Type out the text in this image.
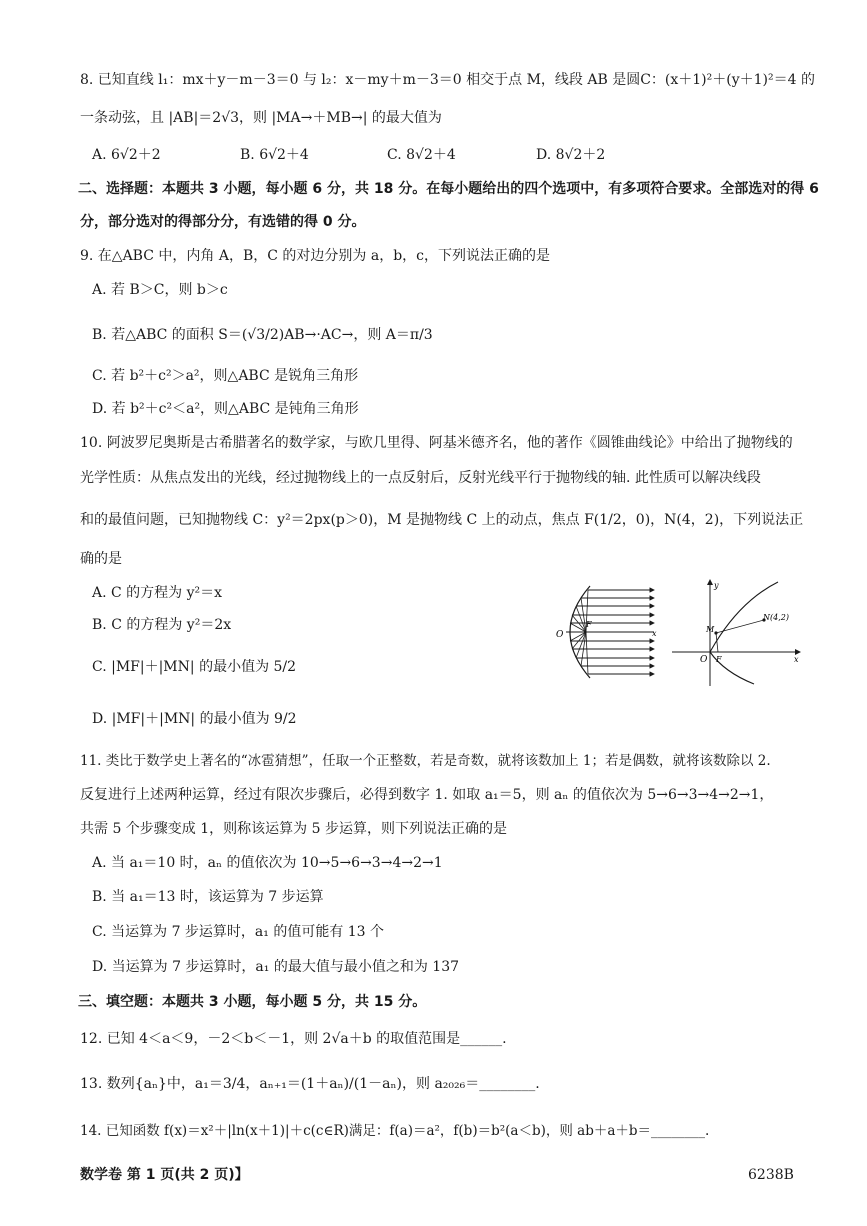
8. 已知直线 l₁：mx＋y－m－3＝0 与 l₂：x－my＋m－3＝0 相交于点 M，线段 AB 是圆C：(x＋1)²＋(y＋1)²＝4 的
一条动弦，且 |AB|＝2√3，则 |MA→＋MB→| 的最大值为
A. 6√2＋2	B. 6√2＋4	C. 8√2＋4	D. 8√2＋2
二、选择题：本题共 3 小题，每小题 6 分，共 18 分。在每小题给出的四个选项中，有多项符合要求。全部选对的得 6
分，部分选对的得部分分，有选错的得 0 分。
9. 在△ABC 中，内角 A，B，C 的对边分别为 a，b，c，下列说法正确的是
A. 若 B＞C，则 b＞c
B. 若△ABC 的面积 S＝(√3/2)AB→·AC→，则 A＝π/3
C. 若 b²＋c²＞a²，则△ABC 是锐角三角形
D. 若 b²＋c²＜a²，则△ABC 是钝角三角形
10. 阿波罗尼奥斯是古希腊著名的数学家，与欧几里得、阿基米德齐名，他的著作《圆锥曲线论》中给出了抛物线的
光学性质：从焦点发出的光线，经过抛物线上的一点反射后，反射光线平行于抛物线的轴. 此性质可以解决线段
和的最值问题，已知抛物线 C：y²＝2px(p＞0)，M 是抛物线 C 上的动点，焦点 F(1/2，0)，N(4，2)，下列说法正
确的是
A. C 的方程为 y²＝x
B. C 的方程为 y²＝2x
C. |MF|＋|MN| 的最小值为 5/2
D. |MF|＋|MN| 的最小值为 9/2
O
F
x
y
x
O F
M
N(4,2)
11. 类比于数学史上著名的“冰雹猜想”，任取一个正整数，若是奇数，就将该数加上 1；若是偶数，就将该数除以 2.
反复进行上述两种运算，经过有限次步骤后，必得到数字 1. 如取 a₁＝5，则 aₙ 的值依次为 5→6→3→4→2→1，
共需 5 个步骤变成 1，则称该运算为 5 步运算，则下列说法正确的是
A. 当 a₁＝10 时，aₙ 的值依次为 10→5→6→3→4→2→1
B. 当 a₁＝13 时，该运算为 7 步运算
C. 当运算为 7 步运算时，a₁ 的值可能有 13 个
D. 当运算为 7 步运算时，a₁ 的最大值与最小值之和为 137
三、填空题：本题共 3 小题，每小题 5 分，共 15 分。
12. 已知 4＜a＜9，－2＜b＜－1，则 2√a＋b 的取值范围是______.
13. 数列{aₙ}中，a₁＝3/4，aₙ₊₁＝(1＋aₙ)/(1－aₙ)，则 a₂₀₂₆＝________.
14. 已知函数 f(x)＝x²＋|ln(x＋1)|＋c(c∈R)满足：f(a)＝a²，f(b)＝b²(a＜b)，则 ab＋a＋b＝________.
数学卷 第 1 页(共 2 页)】	6238B
